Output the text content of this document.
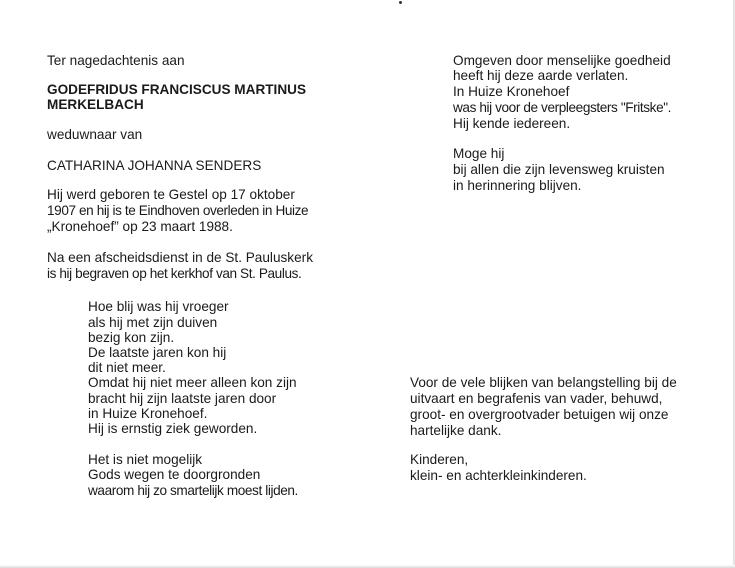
Ter nagedachtenis aan
GODEFRIDUS FRANCISCUS MARTINUS
MERKELBACH
weduwnaar van
CATHARINA JOHANNA SENDERS
Hij werd geboren te Gestel op 17 oktober
1907 en hij is te Eindhoven overleden in Huize
„Kronehoef” op 23 maart 1988.
Na een afscheidsdienst in de St. Pauluskerk
is hij begraven op het kerkhof van St. Paulus.
Hoe blij was hij vroeger
als hij met zijn duiven
bezig kon zijn.
De laatste jaren kon hij
dit niet meer.
Omdat hij niet meer alleen kon zijn
bracht hij zijn laatste jaren door
in Huize Kronehoef.
Hij is ernstig ziek geworden.
Het is niet mogelijk
Gods wegen te doorgronden
waarom hij zo smartelijk moest lijden.
Omgeven door menselijke goedheid
heeft hij deze aarde verlaten.
In Huize Kronehoef
was hij voor de verpleegsters "Fritske".
Hij kende iedereen.
Moge hij
bij allen die zijn levensweg kruisten
in herinnering blijven.
Voor de vele blijken van belangstelling bij de
uitvaart en begrafenis van vader, behuwd,
groot- en overgrootvader betuigen wij onze
hartelijke dank.
Kinderen,
klein- en achterkleinkinderen.
